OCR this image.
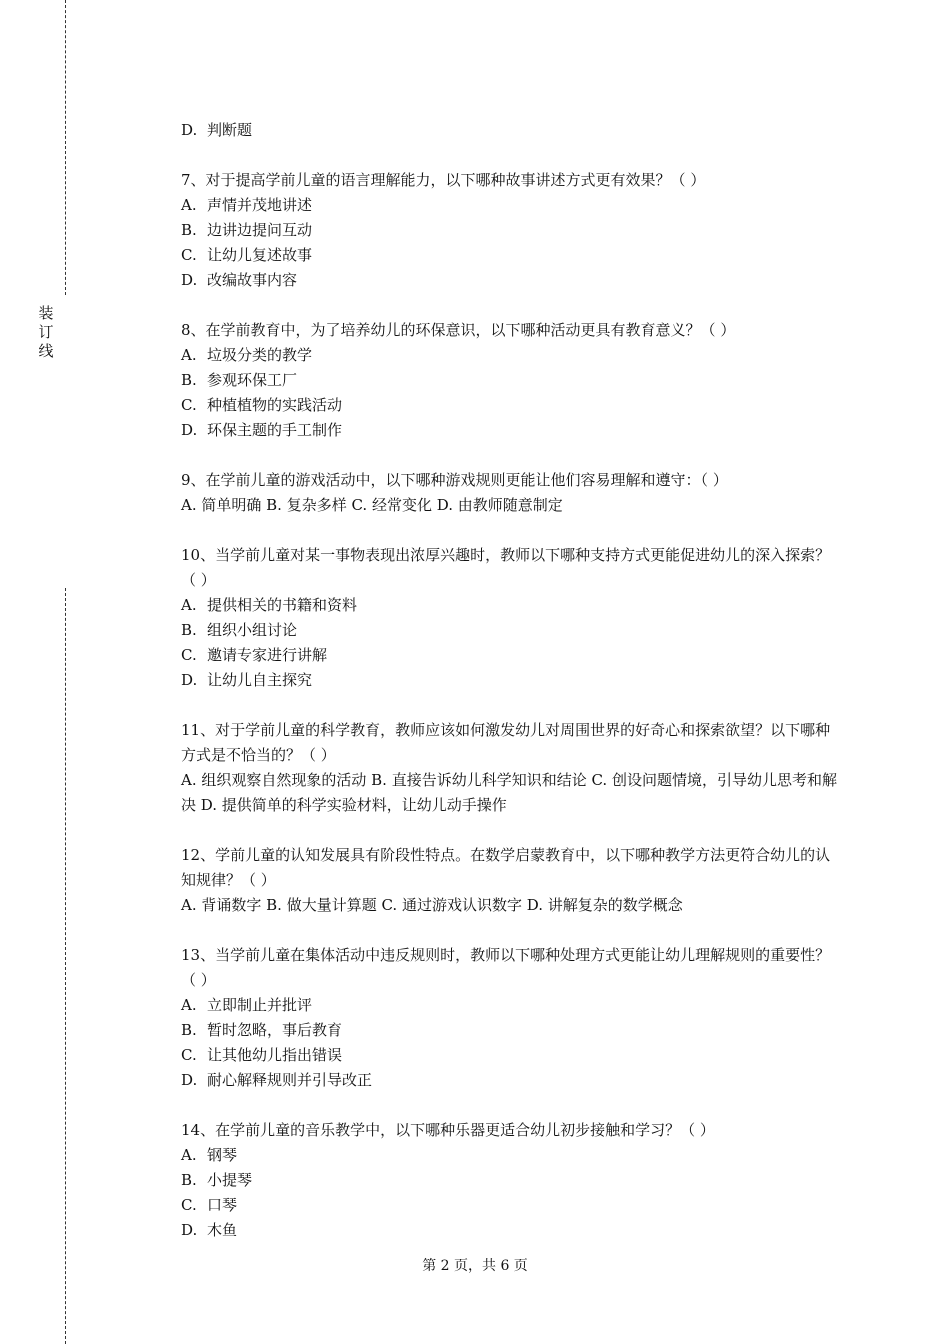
装
订
线

D. 判断题

7、对于提高学前儿童的语言理解能力，以下哪种故事讲述方式更有效果？（ ）

A. 声情并茂地讲述

B. 边讲边提问互动

C. 让幼儿复述故事

D. 改编故事内容

8、在学前教育中，为了培养幼儿的环保意识，以下哪种活动更具有教育意义？（ ）

A. 垃圾分类的教学

B. 参观环保工厂

C. 种植植物的实践活动

D. 环保主题的手工制作

9、在学前儿童的游戏活动中，以下哪种游戏规则更能让他们容易理解和遵守：（ ）

A. 简单明确 B. 复杂多样 C. 经常变化 D. 由教师随意制定

10、当学前儿童对某一事物表现出浓厚兴趣时，教师以下哪种支持方式更能促进幼儿的深入探索？（ ）

A. 提供相关的书籍和资料

B. 组织小组讨论

C. 邀请专家进行讲解

D. 让幼儿自主探究

11、对于学前儿童的科学教育，教师应该如何激发幼儿对周围世界的好奇心和探索欲望？以下哪种方式是不恰当的？（ ）

A. 组织观察自然现象的活动 B. 直接告诉幼儿科学知识和结论 C. 创设问题情境，引导幼儿思考和解决 D. 提供简单的科学实验材料，让幼儿动手操作

12、学前儿童的认知发展具有阶段性特点。在数学启蒙教育中，以下哪种教学方法更符合幼儿的认知规律？（ ）

A. 背诵数字 B. 做大量计算题 C. 通过游戏认识数字 D. 讲解复杂的数学概念

13、当学前儿童在集体活动中违反规则时，教师以下哪种处理方式更能让幼儿理解规则的重要性？（ ）

A. 立即制止并批评

B. 暂时忽略，事后教育

C. 让其他幼儿指出错误

D. 耐心解释规则并引导改正

14、在学前儿童的音乐教学中，以下哪种乐器更适合幼儿初步接触和学习？（ ）

A. 钢琴

B. 小提琴

C. 口琴

D. 木鱼

第 2 页，共 6 页
